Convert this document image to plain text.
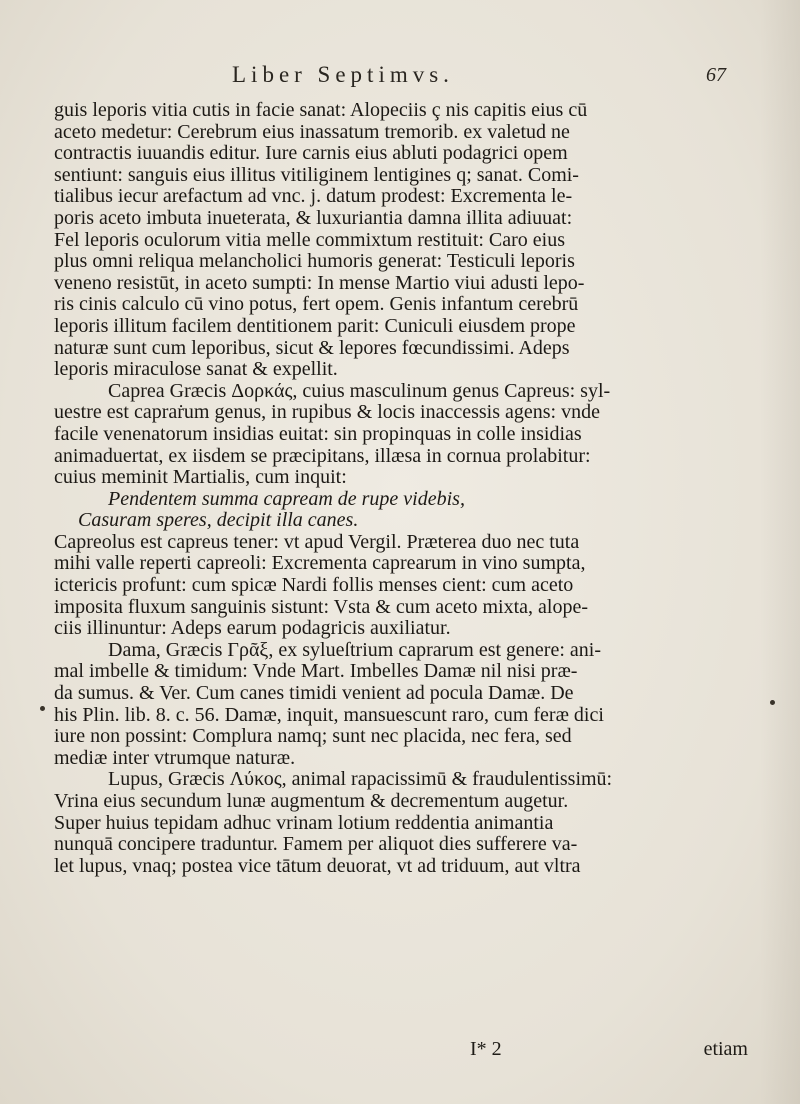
Liber Septimvs.	67
guis leporis vitia cutis in facie sanat: Alopeciis ç nis capitis eius cū
aceto medetur: Cerebrum eius inassatum tremorib. ex valetud ne
contractis iuuandis editur. Iure carnis eius abluti podagrici opem
sentiunt: sanguis eius illitus vitiliginem lentigines q; sanat. Comi-
tialibus iecur arefactum ad vnc. j. datum prodest: Excrementa le-
poris aceto imbuta inueterata, & luxuriantia damna illita adiuuat:
Fel leporis oculorum vitia melle commixtum restituit: Caro eius
plus omni reliqua melancholici humoris generat: Testiculi leporis
veneno resistūt, in aceto sumpti: In mense Martio viui adusti lepo-
ris cinis calculo cū vino potus, fert opem. Genis infantum cerebrū
leporis illitum facilem dentitionem parit: Cuniculi eiusdem prope
naturæ sunt cum leporibus, sicut & lepores fœcundissimi. Adeps
leporis miraculose sanat & expellit.
Caprea Græcis Δορκάς, cuius masculinum genus Capreus: syl-
uestre est capraṙum genus, in rupibus & locis inaccessis agens: vnde
facile venenatorum insidias euitat: sin propinquas in colle insidias
animaduertat, ex iisdem se præcipitans, illæsa in cornua prolabitur:
cuius meminit Martialis, cum inquit:
Pendentem summa capream de rupe videbis,
Casuram speres, decipit illa canes.
Capreolus est capreus tener: vt apud Vergil. Præterea duo nec tuta
mihi valle reperti capreoli: Excrementa caprearum in vino sumpta,
ictericis profunt: cum spicæ Nardi follis menses cient: cum aceto
imposita fluxum sanguinis sistunt: Vsta & cum aceto mixta, alope-
ciis illinuntur: Adeps earum podagricis auxiliatur.
Dama, Græcis Γρᾶξ, ex sylueſtrium caprarum est genere: ani-
mal imbelle & timidum: Vnde Mart. Imbelles Damæ nil nisi præ-
da sumus. & Ver. Cum canes timidi venient ad pocula Damæ. De
his Plin. lib. 8. c. 56. Damæ, inquit, mansuescunt raro, cum feræ dici
iure non possint: Complura namq; sunt nec placida, nec fera, sed
mediæ inter vtrumque naturæ.
Lupus, Græcis Λύκος, animal rapacissimū & fraudulentissimū:
Vrina eius secundum lunæ augmentum & decrementum augetur.
Super huius tepidam adhuc vrinam lotium reddentia animantia
nunquā concipere traduntur. Famem per aliquot dies sufferere va-
let lupus, vnaq; postea vice tātum deuorat, vt ad triduum, aut vltra
I* 2	etiam
